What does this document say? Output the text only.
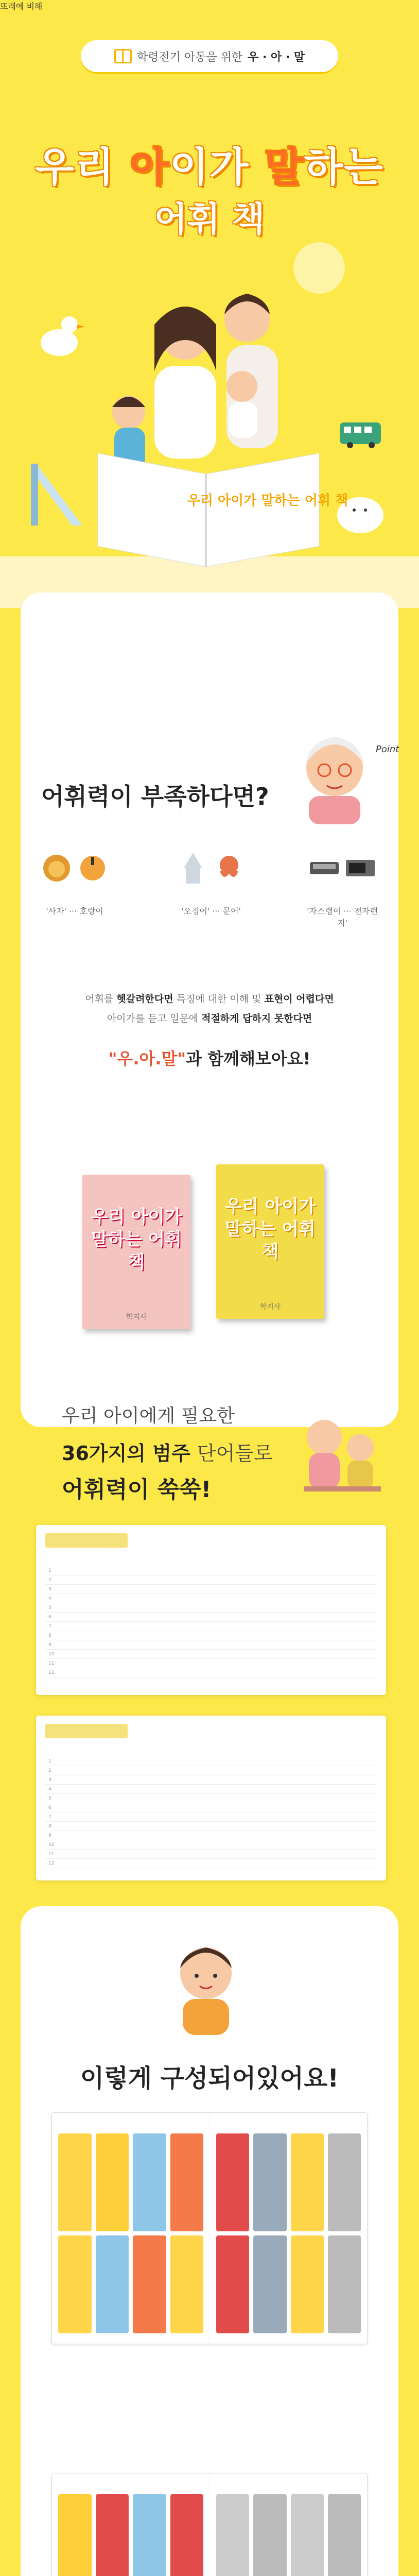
학령전기 아동을 위한 우 · 아 · 말
우리 아이가 말하는
어휘 책
우리 아이가 말하는 어휘 책
또래에 비해
어휘력이 부족하다면?
Point
'사자' ··· 호랑이	'오징어' ··· 문어'	'자스랭이 ··· 전자렌지'
어휘를 헷갈려한다면 특징에 대한 이해 및 표현이 어렵다면
아이가를 듣고 일문에 적절하게 답하지 못한다면
"우.아.말"과 함께해보아요!
우리 아이가 말하는 어휘 책
학지사
우리 아이가 말하는 어휘 책
학지사
우리 아이에게 필요한
36가지의 범주 단어들로
어휘력이 쑥쑥!
1
2
3
4
5
6
7
8
9
10
11
12
1
2
3
4
5
6
7
8
9
10
11
12
이렇게 구성되어있어요!
